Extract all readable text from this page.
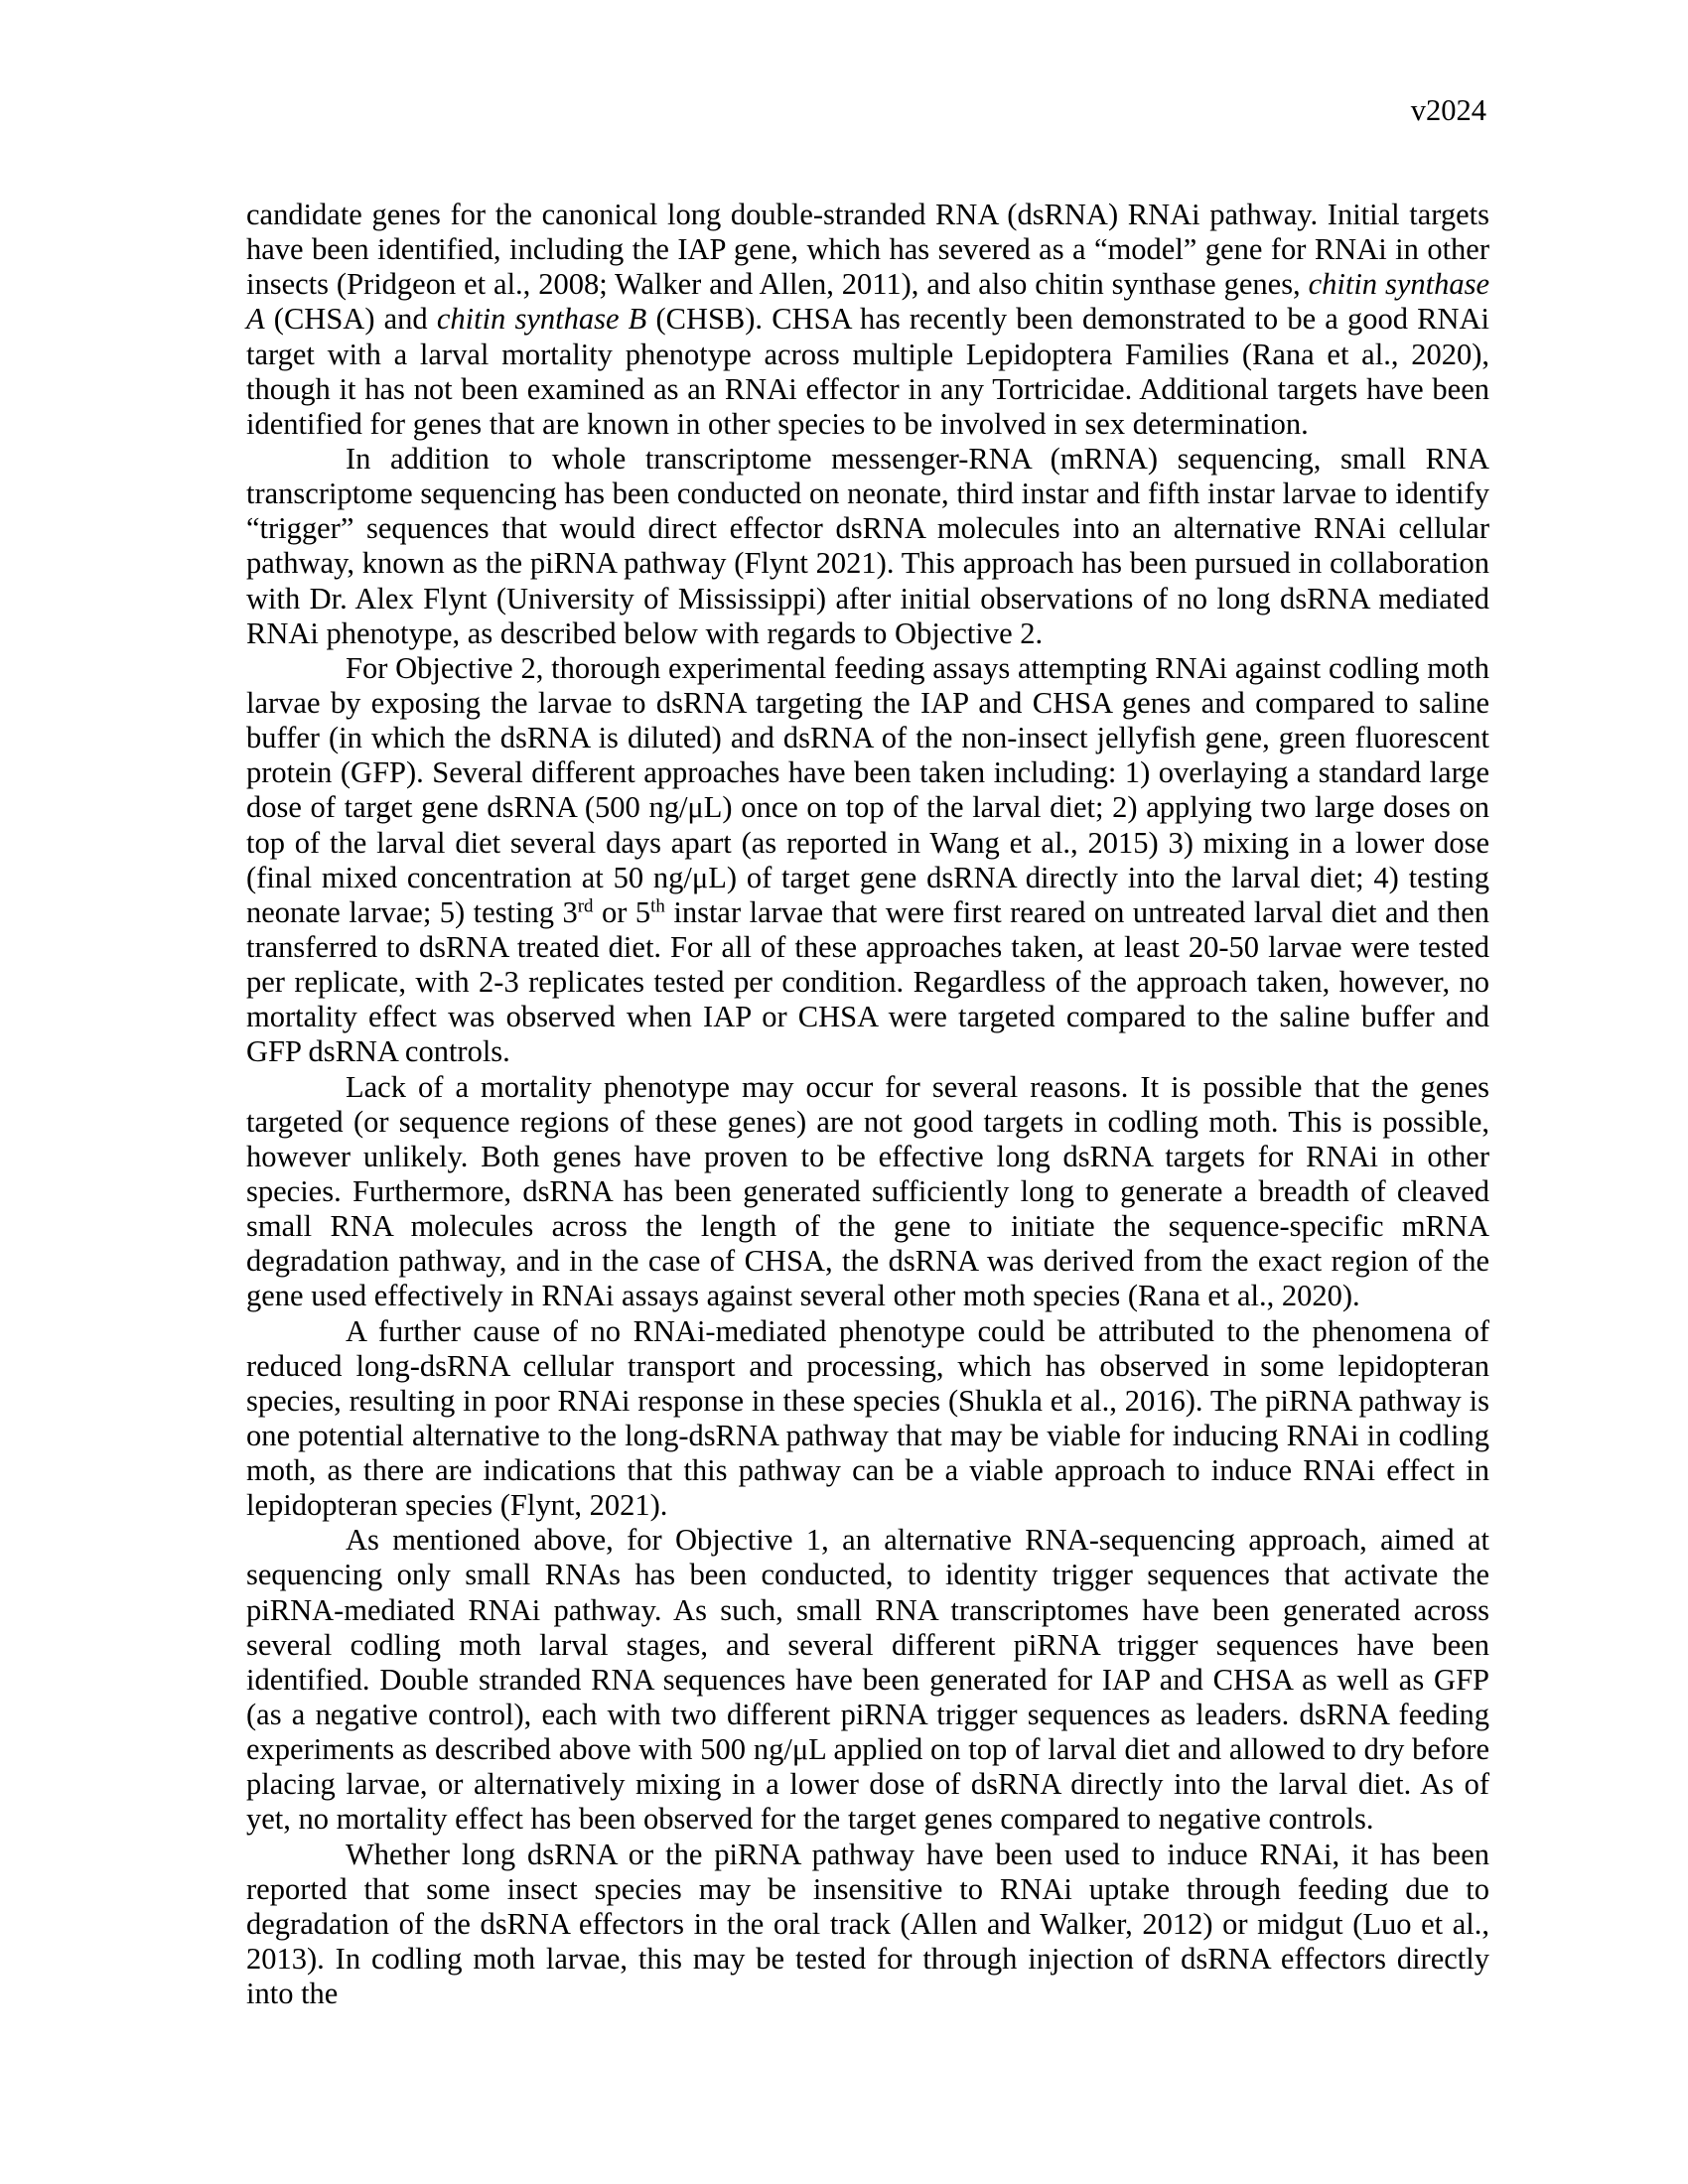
v2024

candidate genes for the canonical long double-stranded RNA (dsRNA) RNAi pathway. Initial targets have been identified, including the IAP gene, which has severed as a “model” gene for RNAi in other insects (Pridgeon et al., 2008; Walker and Allen, 2011), and also chitin synthase genes, chitin synthase A (CHSA) and chitin synthase B (CHSB). CHSA has recently been demonstrated to be a good RNAi target with a larval mortality phenotype across multiple Lepidoptera Families (Rana et al., 2020), though it has not been examined as an RNAi effector in any Tortricidae. Additional targets have been identified for genes that are known in other species to be involved in sex determination.

In addition to whole transcriptome messenger-RNA (mRNA) sequencing, small RNA transcriptome sequencing has been conducted on neonate, third instar and fifth instar larvae to identify “trigger” sequences that would direct effector dsRNA molecules into an alternative RNAi cellular pathway, known as the piRNA pathway (Flynt 2021). This approach has been pursued in collaboration with Dr. Alex Flynt (University of Mississippi) after initial observations of no long dsRNA mediated RNAi phenotype, as described below with regards to Objective 2.

For Objective 2, thorough experimental feeding assays attempting RNAi against codling moth larvae by exposing the larvae to dsRNA targeting the IAP and CHSA genes and compared to saline buffer (in which the dsRNA is diluted) and dsRNA of the non-insect jellyfish gene, green fluorescent protein (GFP). Several different approaches have been taken including: 1) overlaying a standard large dose of target gene dsRNA (500 ng/μL) once on top of the larval diet; 2) applying two large doses on top of the larval diet several days apart (as reported in Wang et al., 2015) 3) mixing in a lower dose (final mixed concentration at 50 ng/μL) of target gene dsRNA directly into the larval diet; 4) testing neonate larvae; 5) testing 3rd or 5th instar larvae that were first reared on untreated larval diet and then transferred to dsRNA treated diet. For all of these approaches taken, at least 20-50 larvae were tested per replicate, with 2-3 replicates tested per condition. Regardless of the approach taken, however, no mortality effect was observed when IAP or CHSA were targeted compared to the saline buffer and GFP dsRNA controls.

Lack of a mortality phenotype may occur for several reasons. It is possible that the genes targeted (or sequence regions of these genes) are not good targets in codling moth. This is possible, however unlikely. Both genes have proven to be effective long dsRNA targets for RNAi in other species. Furthermore, dsRNA has been generated sufficiently long to generate a breadth of cleaved small RNA molecules across the length of the gene to initiate the sequence-specific mRNA degradation pathway, and in the case of CHSA, the dsRNA was derived from the exact region of the gene used effectively in RNAi assays against several other moth species (Rana et al., 2020).

A further cause of no RNAi-mediated phenotype could be attributed to the phenomena of reduced long-dsRNA cellular transport and processing, which has observed in some lepidopteran species, resulting in poor RNAi response in these species (Shukla et al., 2016). The piRNA pathway is one potential alternative to the long-dsRNA pathway that may be viable for inducing RNAi in codling moth, as there are indications that this pathway can be a viable approach to induce RNAi effect in lepidopteran species (Flynt, 2021).

As mentioned above, for Objective 1, an alternative RNA-sequencing approach, aimed at sequencing only small RNAs has been conducted, to identity trigger sequences that activate the piRNA-mediated RNAi pathway. As such, small RNA transcriptomes have been generated across several codling moth larval stages, and several different piRNA trigger sequences have been identified. Double stranded RNA sequences have been generated for IAP and CHSA as well as GFP (as a negative control), each with two different piRNA trigger sequences as leaders. dsRNA feeding experiments as described above with 500 ng/μL applied on top of larval diet and allowed to dry before placing larvae, or alternatively mixing in a lower dose of dsRNA directly into the larval diet. As of yet, no mortality effect has been observed for the target genes compared to negative controls.

Whether long dsRNA or the piRNA pathway have been used to induce RNAi, it has been reported that some insect species may be insensitive to RNAi uptake through feeding due to degradation of the dsRNA effectors in the oral track (Allen and Walker, 2012) or midgut (Luo et al., 2013). In codling moth larvae, this may be tested for through injection of dsRNA effectors directly into the
